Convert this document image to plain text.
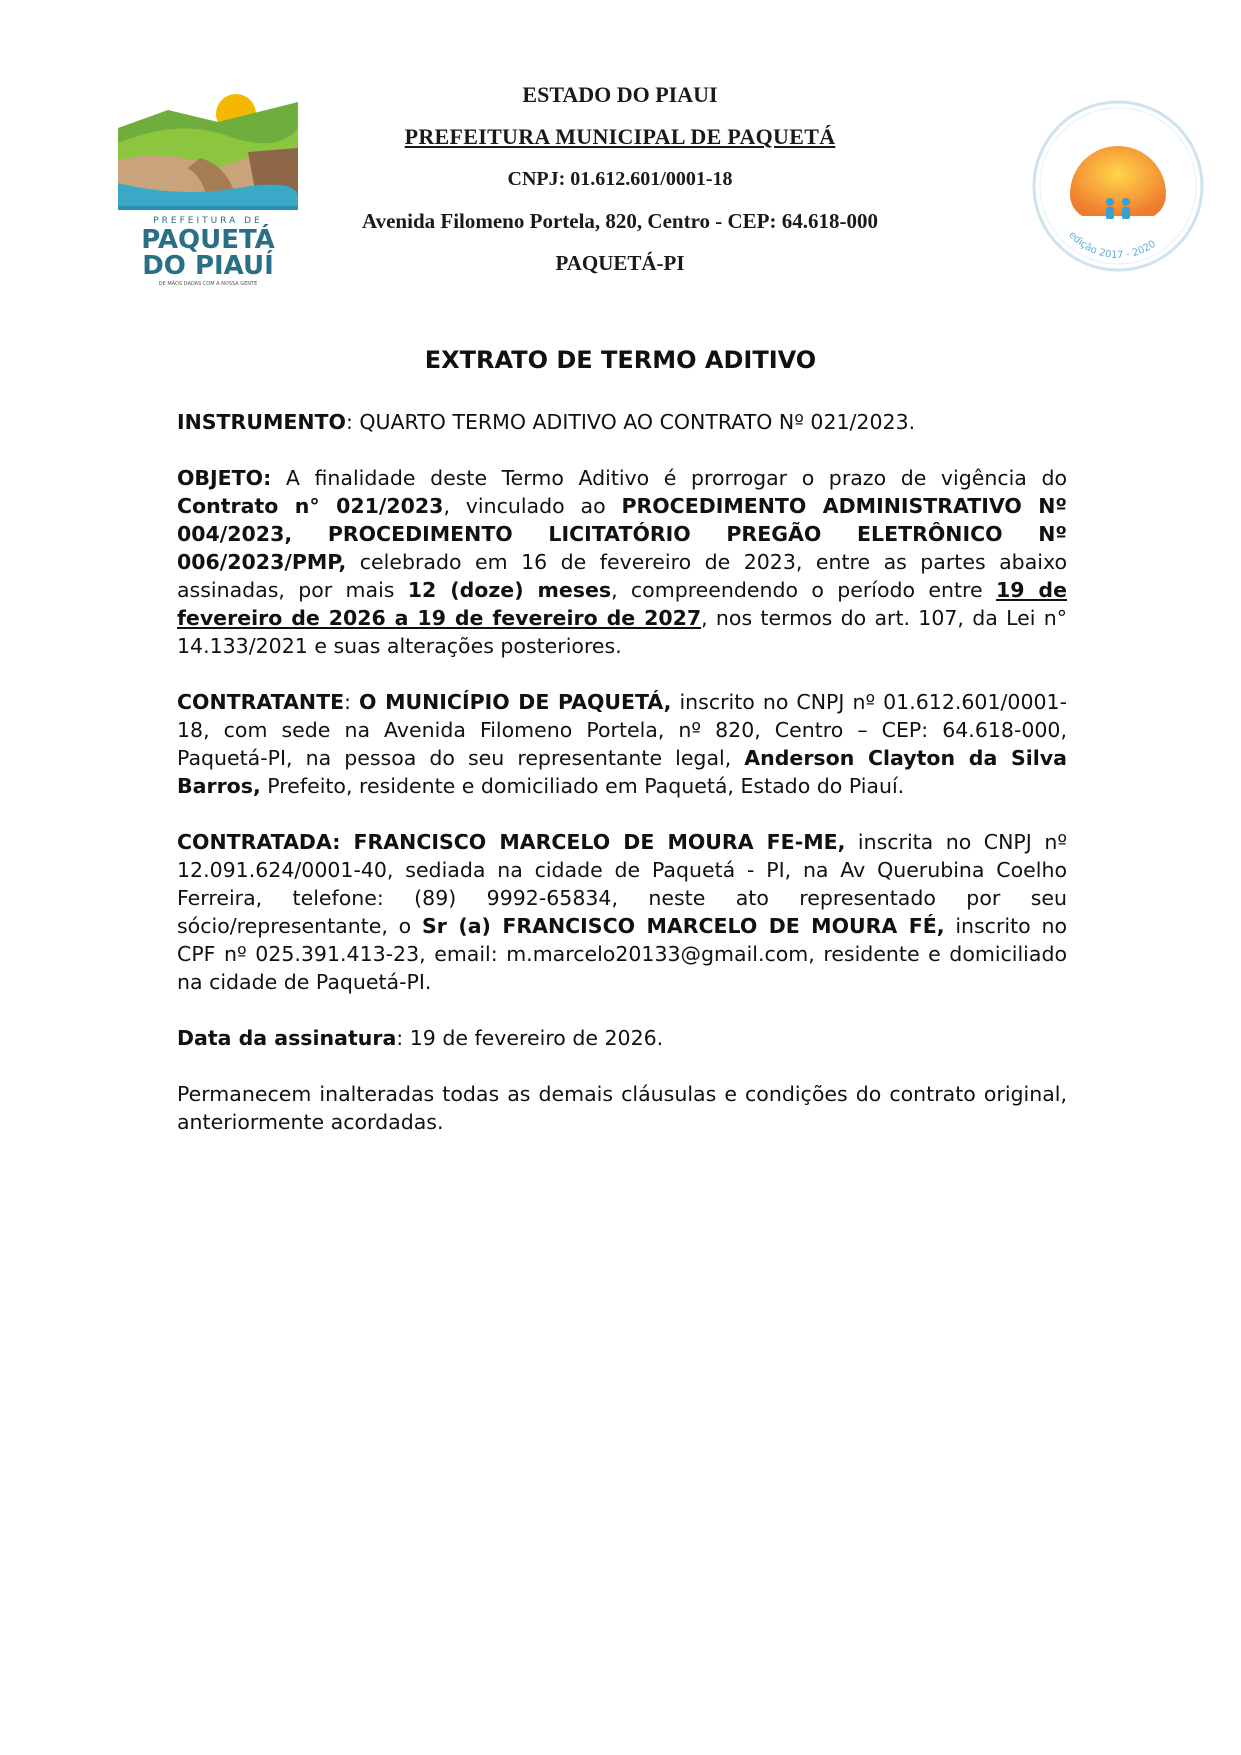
PREFEITURA DE
PAQUETÁ
DO PIAUÍ
DE MÃOS DADAS COM A NOSSA GENTE
ESTADO DO PIAUI
PREFEITURA MUNICIPAL DE PAQUETÁ
CNPJ: 01.612.601/0001-18
Avenida Filomeno Portela, 820, Centro - CEP: 64.618-000
PAQUETÁ-PI
edição 2017 - 2020
EXTRATO DE TERMO ADITIVO

INSTRUMENTO: QUARTO TERMO ADITIVO AO CONTRATO Nº 021/2023.

OBJETO: A finalidade deste Termo Aditivo é prorrogar o prazo de vigência do Contrato n° 021/2023, vinculado ao PROCEDIMENTO ADMINISTRATIVO Nº 004/2023, PROCEDIMENTO LICITATÓRIO PREGÃO ELETRÔNICO Nº 006/2023/PMP, celebrado em 16 de fevereiro de 2023, entre as partes abaixo assinadas, por mais 12 (doze) meses, compreendendo o período entre 19 de fevereiro de 2026 a 19 de fevereiro de 2027, nos termos do art. 107, da Lei n° 14.133/2021 e suas alterações posteriores.

CONTRATANTE: O MUNICÍPIO DE PAQUETÁ, inscrito no CNPJ nº 01.612.601/0001-18, com sede na Avenida Filomeno Portela, nº 820, Centro – CEP: 64.618-000, Paquetá-PI, na pessoa do seu representante legal, Anderson Clayton da Silva Barros, Prefeito, residente e domiciliado em Paquetá, Estado do Piauí.

CONTRATADA: FRANCISCO MARCELO DE MOURA FE-ME, inscrita no CNPJ nº 12.091.624/0001-40, sediada na cidade de Paquetá - PI, na Av Querubina Coelho Ferreira, telefone: (89) 9992-65834, neste ato representado por seu sócio/representante, o Sr (a) FRANCISCO MARCELO DE MOURA FÉ, inscrito no CPF nº 025.391.413-23, email: m.marcelo20133@gmail.com, residente e domiciliado na cidade de Paquetá-PI.

Data da assinatura: 19 de fevereiro de 2026.

Permanecem inalteradas todas as demais cláusulas e condições do contrato original, anteriormente acordadas.
